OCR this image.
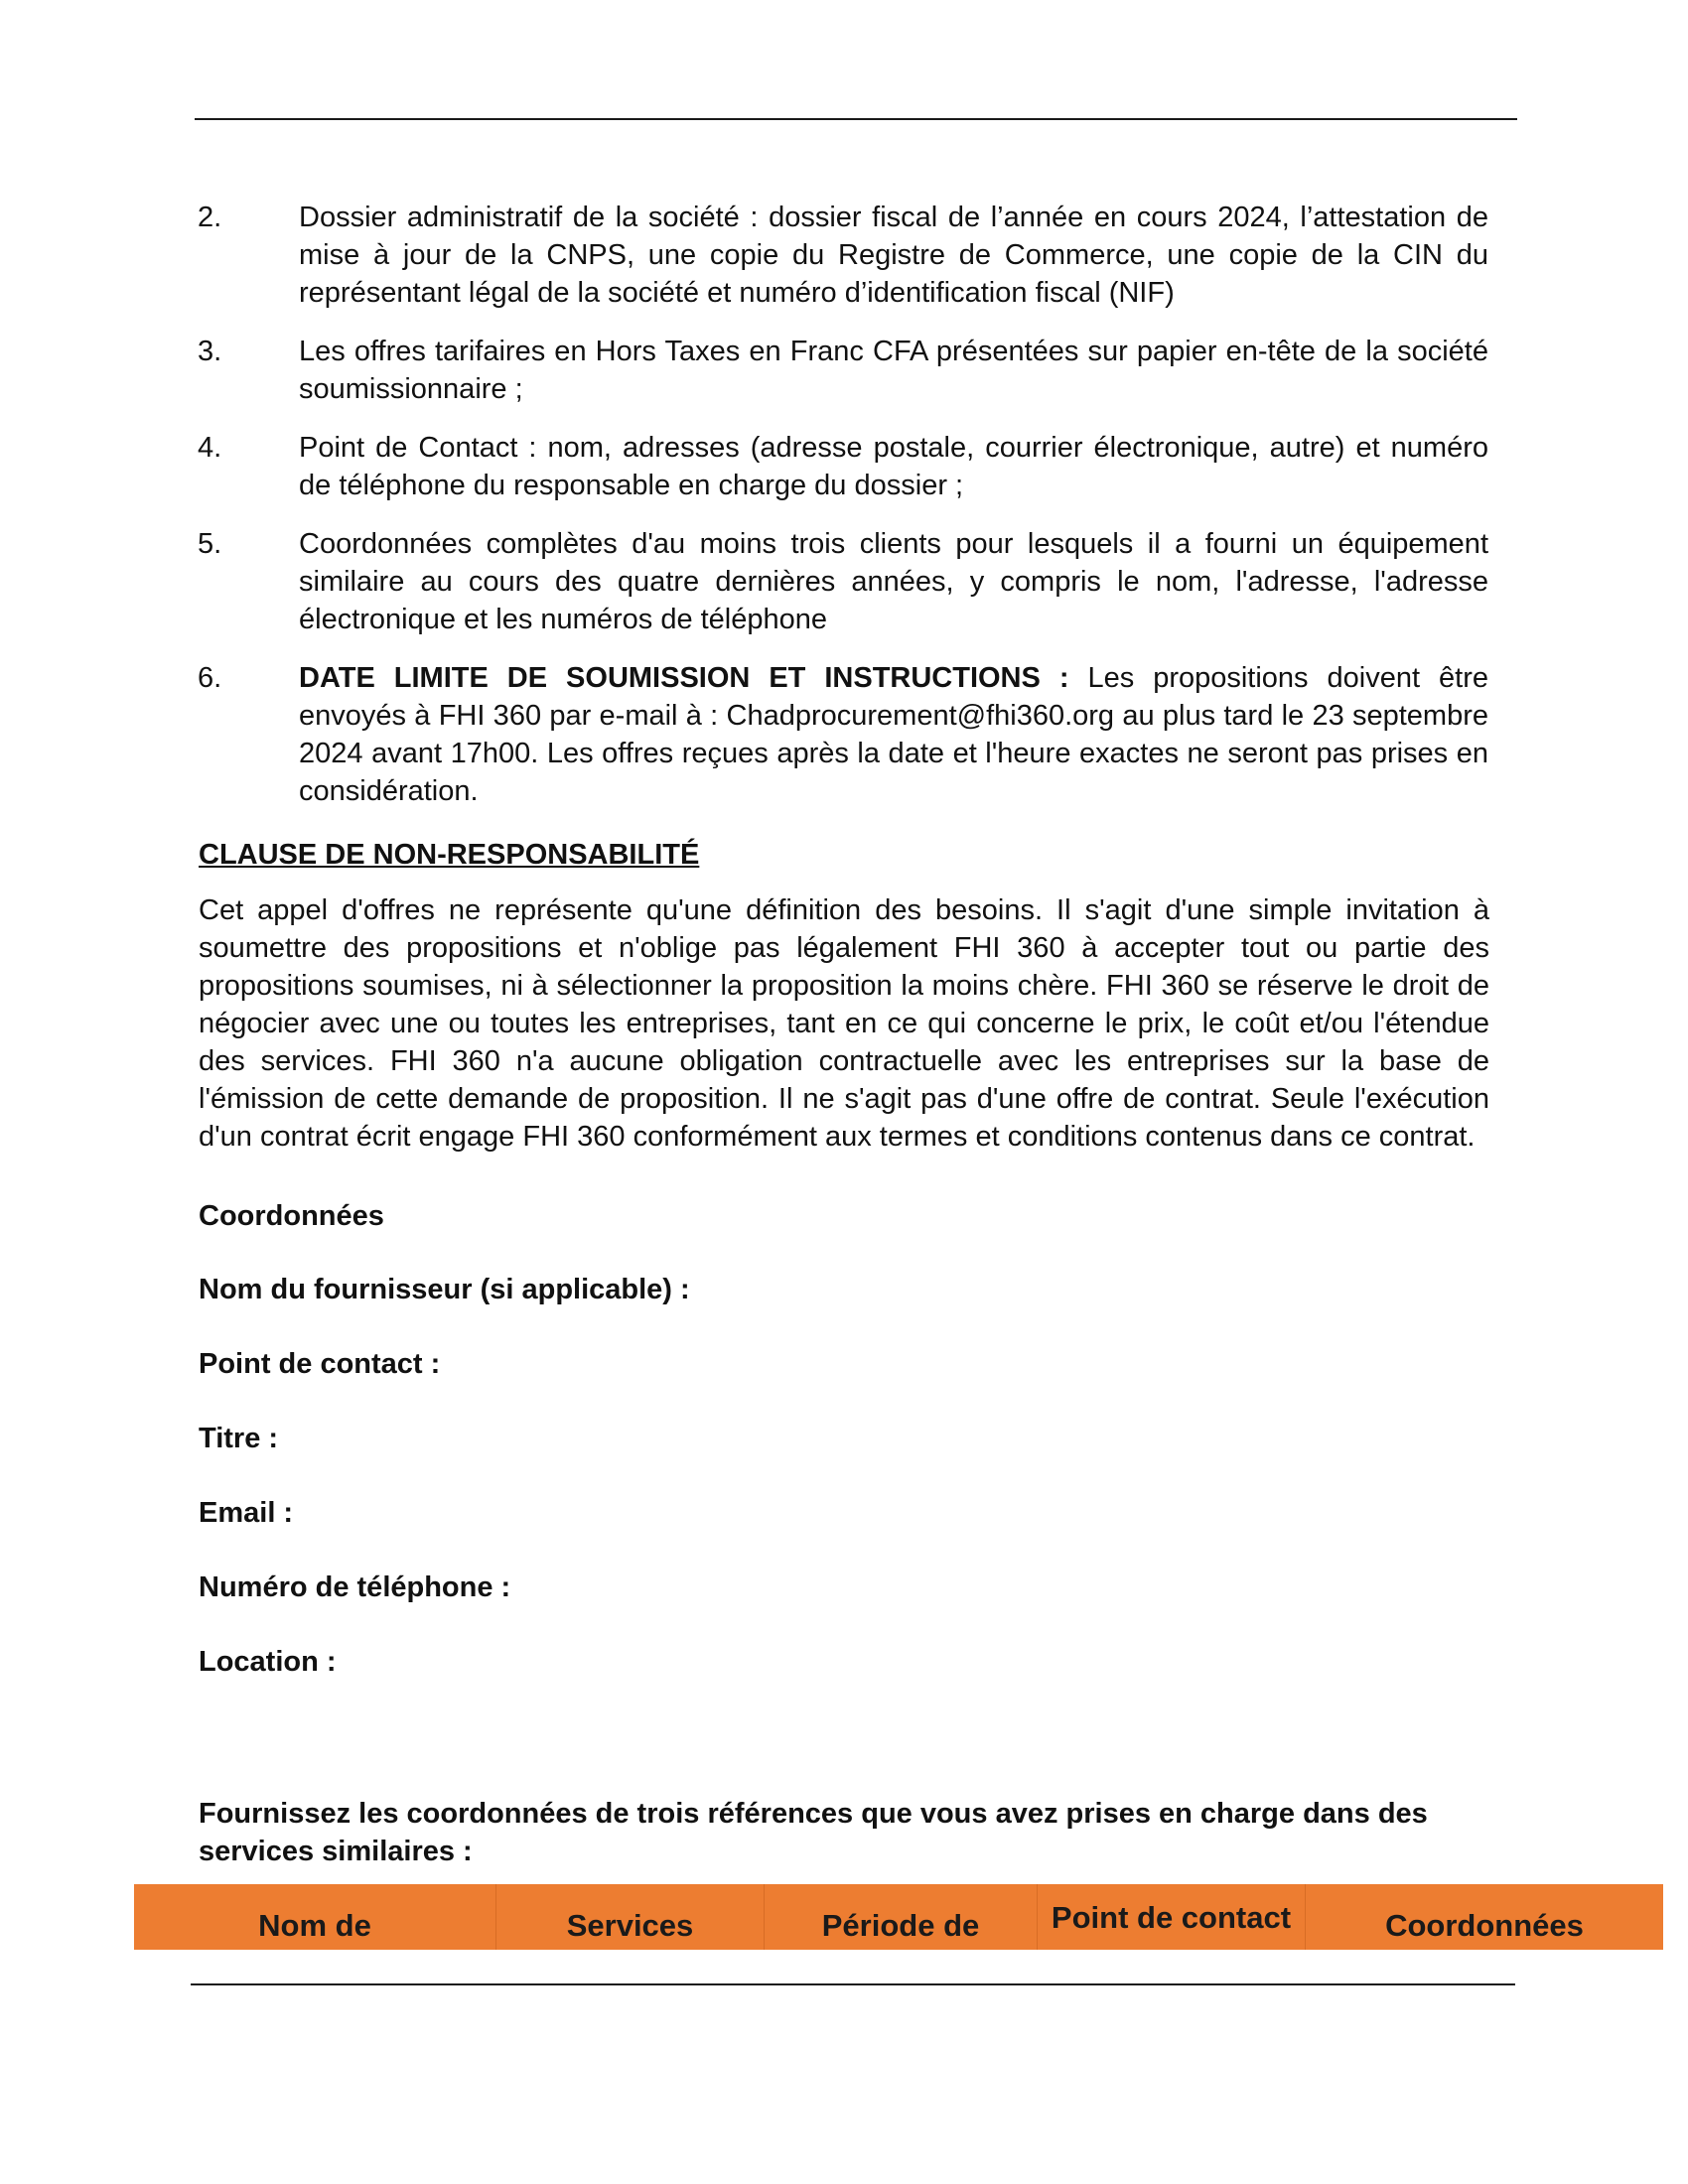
2.	Dossier administratif de la société : dossier fiscal de l’année en cours 2024, l’attestation de mise à jour de la CNPS, une copie du Registre de Commerce, une copie de la CIN du représentant légal de la société et numéro d’identification fiscal (NIF)
3.	Les offres tarifaires en Hors Taxes en Franc CFA présentées sur papier en-tête de la société soumissionnaire ;
4.	Point de Contact : nom, adresses (adresse postale, courrier électronique, autre) et numéro de téléphone du responsable en charge du dossier ;
5.	Coordonnées complètes d'au moins trois clients pour lesquels il a fourni un équipement similaire au cours des quatre dernières années, y compris le nom, l'adresse, l'adresse électronique et les numéros de téléphone
6.	DATE LIMITE DE SOUMISSION ET INSTRUCTIONS : Les propositions doivent être envoyés à FHI 360 par e-mail à : Chadprocurement@fhi360.org au plus tard le 23 septembre 2024 avant 17h00. Les offres reçues après la date et l'heure exactes ne seront pas prises en considération.
CLAUSE DE NON-RESPONSABILITÉ
Cet appel d'offres ne représente qu'une définition des besoins. Il s'agit d'une simple invitation à soumettre des propositions et n'oblige pas légalement FHI 360 à accepter tout ou partie des propositions soumises, ni à sélectionner la proposition la moins chère. FHI 360 se réserve le droit de négocier avec une ou toutes les entreprises, tant en ce qui concerne le prix, le coût et/ou l'étendue des services. FHI 360 n'a aucune obligation contractuelle avec les entreprises sur la base de l'émission de cette demande de proposition. Il ne s'agit pas d'une offre de contrat. Seule l'exécution d'un contrat écrit engage FHI 360 conformément aux termes et conditions contenus dans ce contrat.
Coordonnées
Nom du fournisseur (si applicable) :
Point de contact :
Titre :
Email :
Numéro de téléphone :
Location :
Fournissez les coordonnées de trois références que vous avez prises en charge dans des services similaires :
Nom de	Services	Période de	Point de contact	Coordonnées
